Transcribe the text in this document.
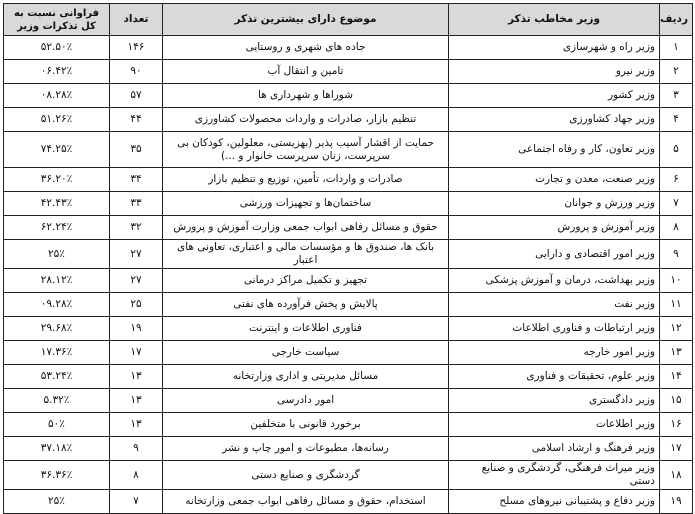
ردیف	وزیر مخاطب تذکر	موضوع دارای بیشترین تذکر	تعداد	فراوانی نسبت به کل تذکرات وزیر
۱	وزیر راه و شهرسازی	جاده های شهری و روستایی	۱۴۶	۵۲.۵۰٪
۲	وزیر نیرو	تامین و انتقال آب	۹۰	۰۶.۴۲٪
۳	وزیر کشور	شوراها و شهرداری ها	۵۷	۰۸.۲۸٪
۴	وزیر جهاد کشاورزی	تنظیم بازار، صادرات و واردات محصولات کشاورزی	۴۴	۵۱.۲۶٪
۵	وزیر تعاون، کار و رفاه اجتماعی	حمایت از اقشار آسیب پذیر (بهزیستی، معلولین، کودکان بی سرپرست، زنان سرپرست خانوار و ...)	۳۵	۷۴.۲۵٪
۶	وزیر صنعت، معدن و تجارت	صادرات و واردات، تأمین، توزیع و تنظیم بازار	۳۴	۳۶.۲۰٪
۷	وزیر ورزش و جوانان	ساختمان‌ها و تجهیزات ورزشی	۳۳	۴۲.۴۳٪
۸	وزیر آموزش و پرورش	حقوق و مسائل رفاهی ابواب جمعی وزارت آموزش و پرورش	۳۲	۶۲.۲۴٪
۹	وزیر امور اقتصادی و دارایی	بانک ها، صندوق ها و مؤسسات مالی و اعتباری، تعاونی های اعتبار	۲۷	۲۵٪
۱۰	وزیر بهداشت، درمان و آموزش پزشکی	تجهیز و تکمیل مراکز درمانی	۲۷	۲۸.۱۲٪
۱۱	وزیر نفت	پالایش و پخش فرآورده های نفتی	۲۵	۰۹.۲۸٪
۱۲	وزیر ارتباطات و فناوری اطلاعات	فناوری اطلاعات و اینترنت	۱۹	۲۹.۶۸٪
۱۳	وزیر امور خارجه	سیاست خارجی	۱۷	۱۷.۳۶٪
۱۴	وزیر علوم، تحقیقات و فناوری	مسائل مدیریتی و اداری وزارتخانه	۱۳	۵۳.۲۴٪
۱۵	وزیر دادگستری	امور دادرسی	۱۳	۵.۳۲٪
۱۶	وزیر اطلاعات	برخورد قانونی با متخلفین	۱۳	۵۰٪
۱۷	وزیر فرهنگ و ارشاد اسلامی	رسانه‌ها، مطبوعات و امور چاپ و نشر	۹	۳۷.۱۸٪
۱۸	وزیر میراث فرهنگی، گردشگری و صنایع دستی	گردشگری و صنایع دستی	۸	۳۶.۳۶٪
۱۹	وزیر دفاع و پشتیبانی نیروهای مسلح	استخدام، حقوق و مسائل رفاهی ابواب جمعی وزارتخانه	۷	۲۵٪
